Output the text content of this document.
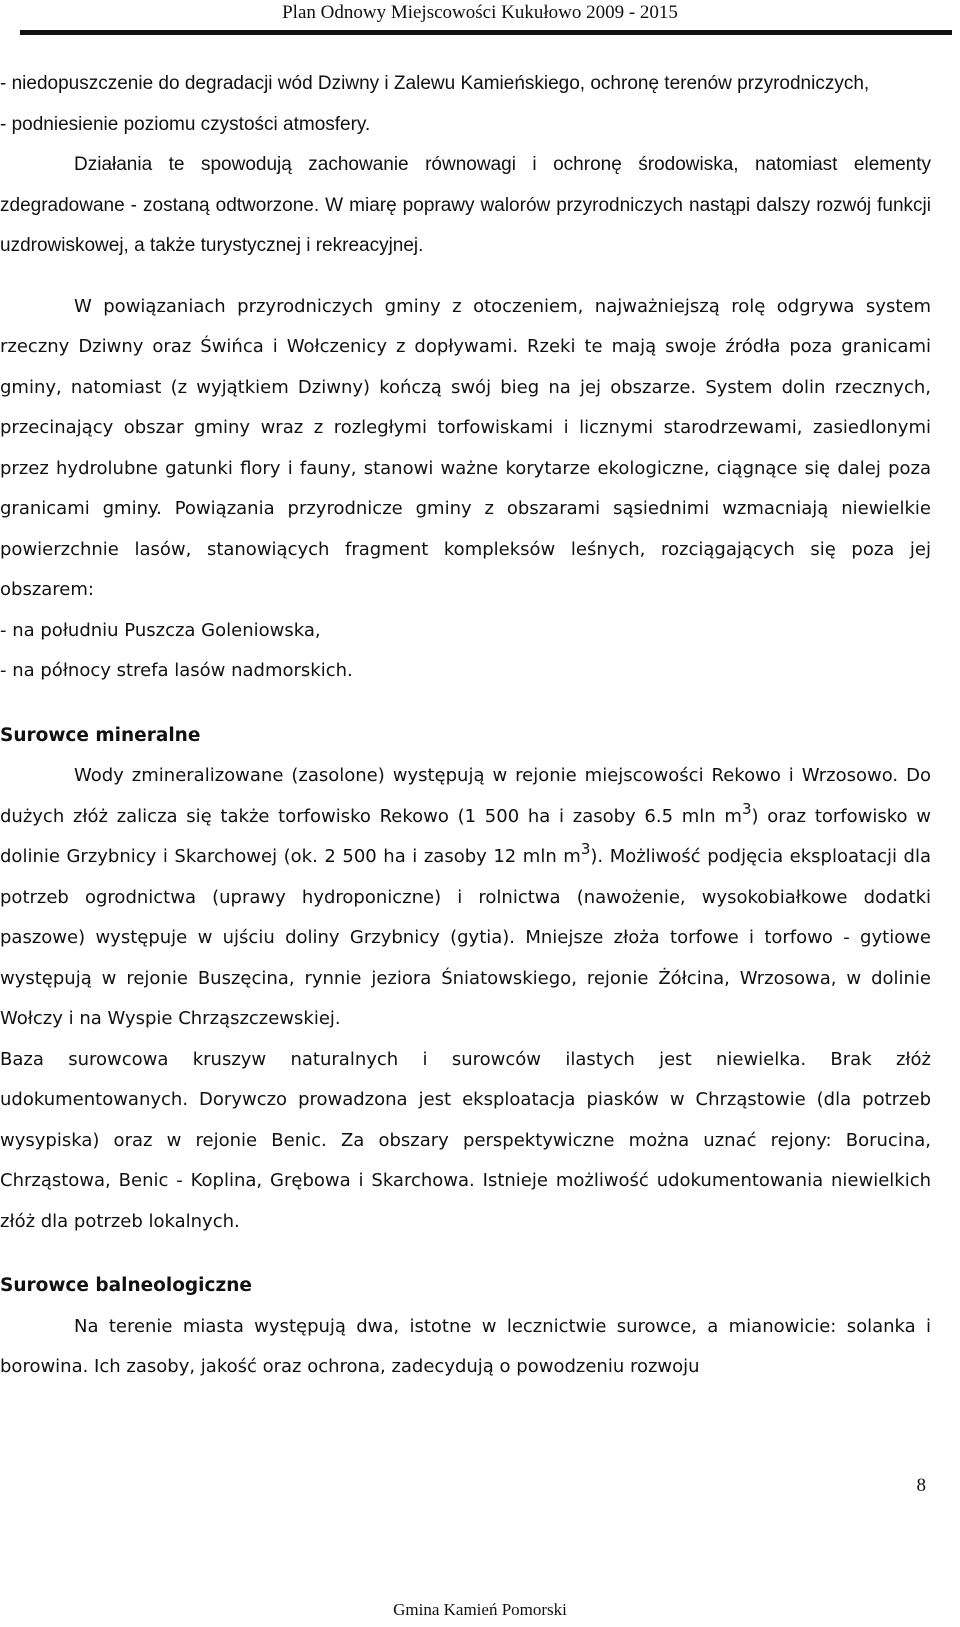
Plan Odnowy Miejscowości Kukułowo 2009 - 2015

- niedopuszczenie do degradacji wód Dziwny i Zalewu Kamieńskiego, ochronę terenów przyrodniczych,

- podniesienie poziomu czystości atmosfery.

Działania te spowodują zachowanie równowagi i ochronę środowiska, natomiast elementy zdegradowane - zostaną odtworzone. W miarę poprawy walorów przyrodniczych nastąpi dalszy rozwój funkcji uzdrowiskowej, a także turystycznej i rekreacyjnej.

W powiązaniach przyrodniczych gminy z otoczeniem, najważniejszą rolę odgrywa system rzeczny Dziwny oraz Świńca i Wołczenicy z dopływami. Rzeki te mają swoje źródła poza granicami gminy, natomiast (z wyjątkiem Dziwny) kończą swój bieg na jej obszarze. System dolin rzecznych, przecinający obszar gminy wraz z rozległymi torfowiskami i licznymi starodrzewami, zasiedlonymi przez hydrolubne gatunki flory i fauny, stanowi ważne korytarze ekologiczne, ciągnące się dalej poza granicami gminy. Powiązania przyrodnicze gminy z obszarami sąsiednimi wzmacniają niewielkie powierzchnie lasów, stanowiących fragment kompleksów leśnych, rozciągających się poza jej obszarem:

- na południu Puszcza Goleniowska,

- na północy strefa lasów nadmorskich.

Surowce mineralne

Wody zmineralizowane (zasolone) występują w rejonie miejscowości Rekowo i Wrzosowo. Do dużych złóż zalicza się także torfowisko Rekowo (1 500 ha i zasoby 6.5 mln $m^3$) oraz torfowisko w dolinie Grzybnicy i Skarchowej (ok. 2 500 ha i zasoby 12 mln $m^3$). Możliwość podjęcia eksploatacji dla potrzeb ogrodnictwa (uprawy hydroponiczne) i rolnictwa (nawożenie, wysokobiałkowe dodatki paszowe) występuje w ujściu doliny Grzybnicy (gytia). Mniejsze złoża torfowe i torfowo - gytiowe występują w rejonie Buszęcina, rynnie jeziora Śniatowskiego, rejonie Żółcina, Wrzosowa, w dolinie Wołczy i na Wyspie Chrząszczewskiej.

Baza surowcowa kruszyw naturalnych i surowców ilastych jest niewielka. Brak złóż udokumentowanych. Dorywczo prowadzona jest eksploatacja piasków w Chrząstowie (dla potrzeb wysypiska) oraz w rejonie Benic. Za obszary perspektywiczne można uznać rejony: Borucina, Chrząstowa, Benic - Koplina, Grębowa i Skarchowa. Istnieje możliwość udokumentowania niewielkich złóż dla potrzeb lokalnych.

Surowce balneologiczne

Na terenie miasta występują dwa, istotne w lecznictwie surowce, a mianowicie: solanka i borowina. Ich zasoby, jakość oraz ochrona, zadecydują o powodzeniu rozwoju

8
Gmina Kamień Pomorski
